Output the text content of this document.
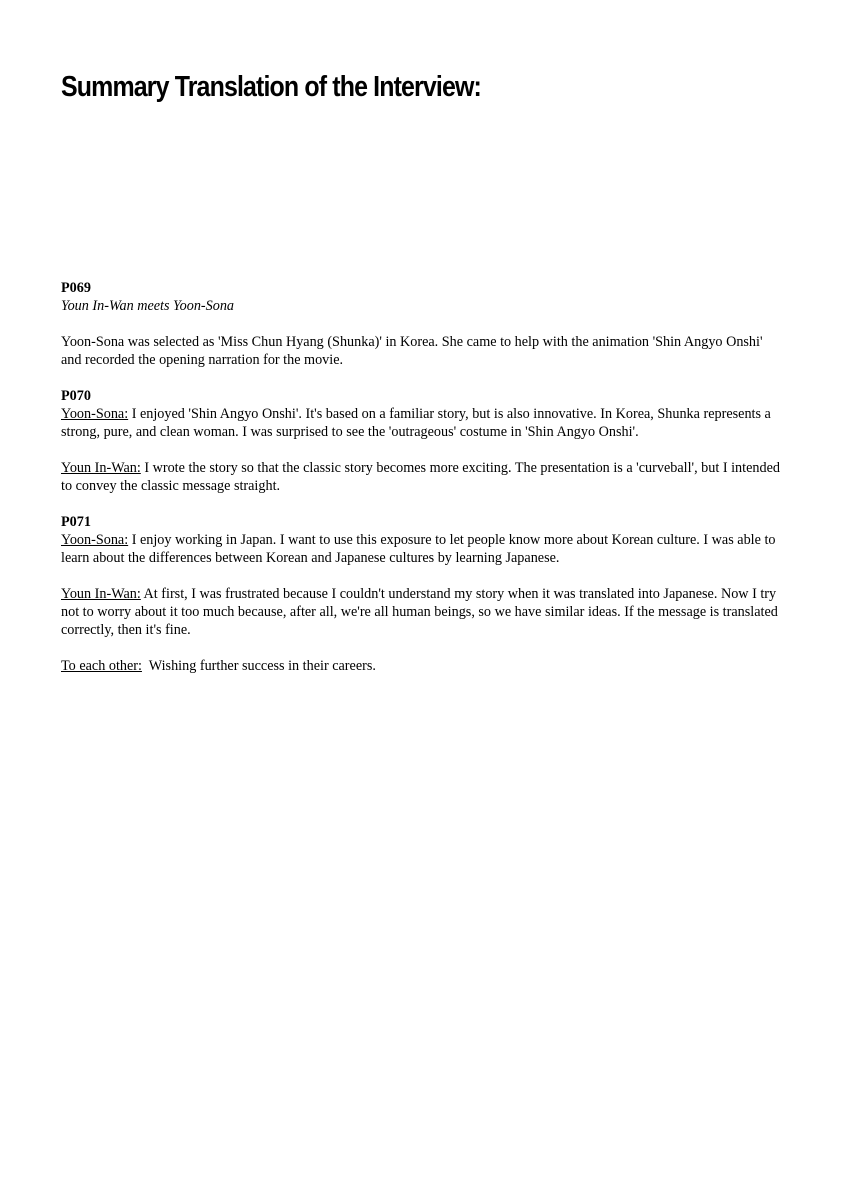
Summary Translation of the Interview:
P069
Youn In-Wan meets Yoon-Sona

Yoon-Sona was selected as 'Miss Chun Hyang (Shunka)' in Korea. She came to help with the animation 'Shin Angyo Onshi' and recorded the opening narration for the movie.

P070

Yoon-Sona: I enjoyed 'Shin Angyo Onshi'. It's based on a familiar story, but is also innovative. In Korea, Shunka represents a strong, pure, and clean woman. I was surprised to see the 'outrageous' costume in 'Shin Angyo Onshi'.

Youn In-Wan: I wrote the story so that the classic story becomes more exciting. The presentation is a 'curveball', but I intended to convey the classic message straight.

P071

Yoon-Sona: I enjoy working in Japan. I want to use this exposure to let people know more about Korean culture. I was able to learn about the differences between Korean and Japanese cultures by learning Japanese.

Youn In-Wan: At first, I was frustrated because I couldn't understand my story when it was translated into Japanese. Now I try not to worry about it too much because, after all, we're all human beings, so we have similar ideas. If the message is translated correctly, then it's fine.

To each other:  Wishing further success in their careers.
